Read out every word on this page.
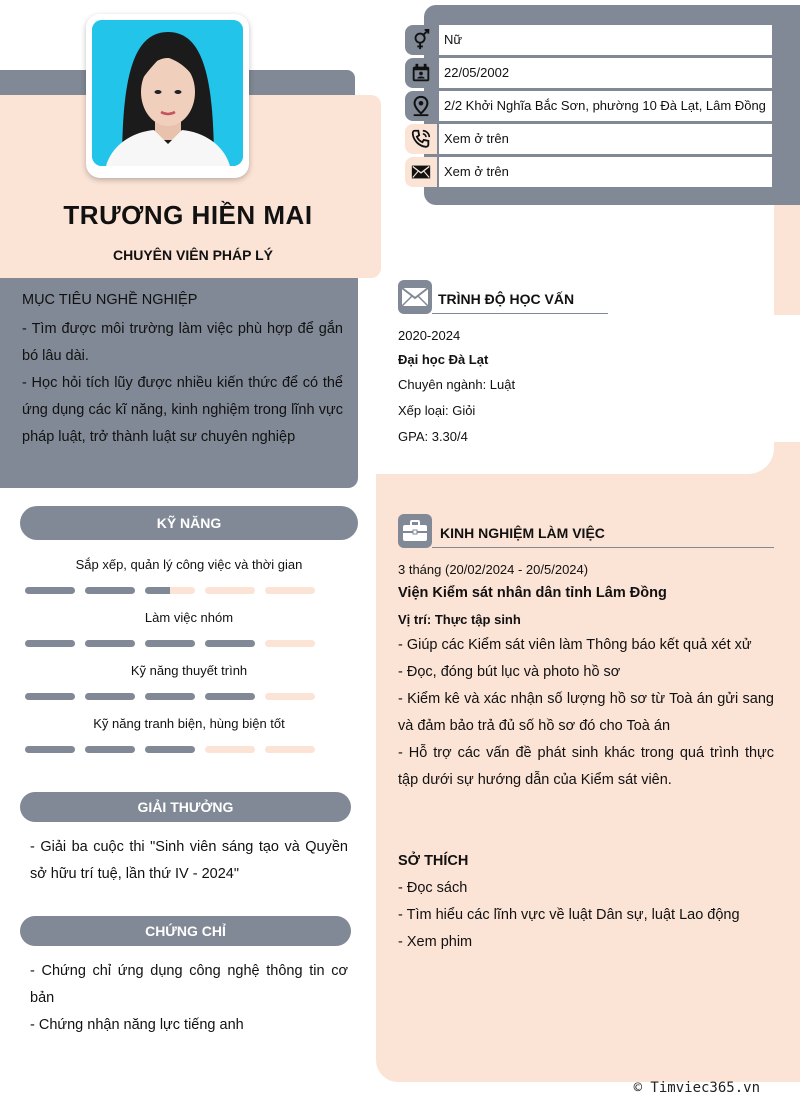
TRƯƠNG HIỀN MAI
CHUYÊN VIÊN PHÁP LÝ
Nữ
22/05/2002
2/2 Khởi Nghĩa Bắc Sơn, phường 10 Đà Lạt, Lâm Đồng
Xem ở trên
Xem ở trên
MỤC TIÊU NGHỀ NGHIỆP
- Tìm được môi trường làm việc phù hợp để gắn bó lâu dài.
- Học hỏi tích lũy được nhiều kiến thức để có thể ứng dụng các kĩ năng, kinh nghiệm trong lĩnh vực pháp luật, trở thành luật sư chuyên nghiệp
KỸ NĂNG
Sắp xếp, quản lý công việc và thời gian
Làm việc nhóm
Kỹ năng thuyết trình
Kỹ năng tranh biện, hùng biện tốt
GIẢI THƯỞNG
- Giải ba cuộc thi "Sinh viên sáng tạo và Quyền sở hữu trí tuệ, lần thứ IV - 2024"
CHỨNG CHỈ
- Chứng chỉ ứng dụng công nghệ thông tin cơ bản
- Chứng nhận năng lực tiếng anh
TRÌNH ĐỘ HỌC VẤN
2020-2024
Đại học Đà Lạt
Chuyên ngành: Luật
Xếp loại: Giỏi
GPA: 3.30/4
KINH NGHIỆM LÀM VIỆC
3 tháng (20/02/2024 - 20/5/2024)
Viện Kiểm sát nhân dân tỉnh Lâm Đồng
Vị trí: Thực tập sinh
- Giúp các Kiểm sát viên làm Thông báo kết quả xét xử
- Đọc, đóng bút lục và photo hồ sơ
- Kiểm kê và xác nhận số lượng hồ sơ từ Toà án gửi sang và đảm bảo trả đủ số hồ sơ đó cho Toà án
- Hỗ trợ các vấn đề phát sinh khác trong quá trình thực tập dưới sự hướng dẫn của Kiểm sát viên.
SỞ THÍCH
- Đọc sách
- Tìm hiểu các lĩnh vực về luật Dân sự, luật Lao động
- Xem phim
© Timviec365.vn
